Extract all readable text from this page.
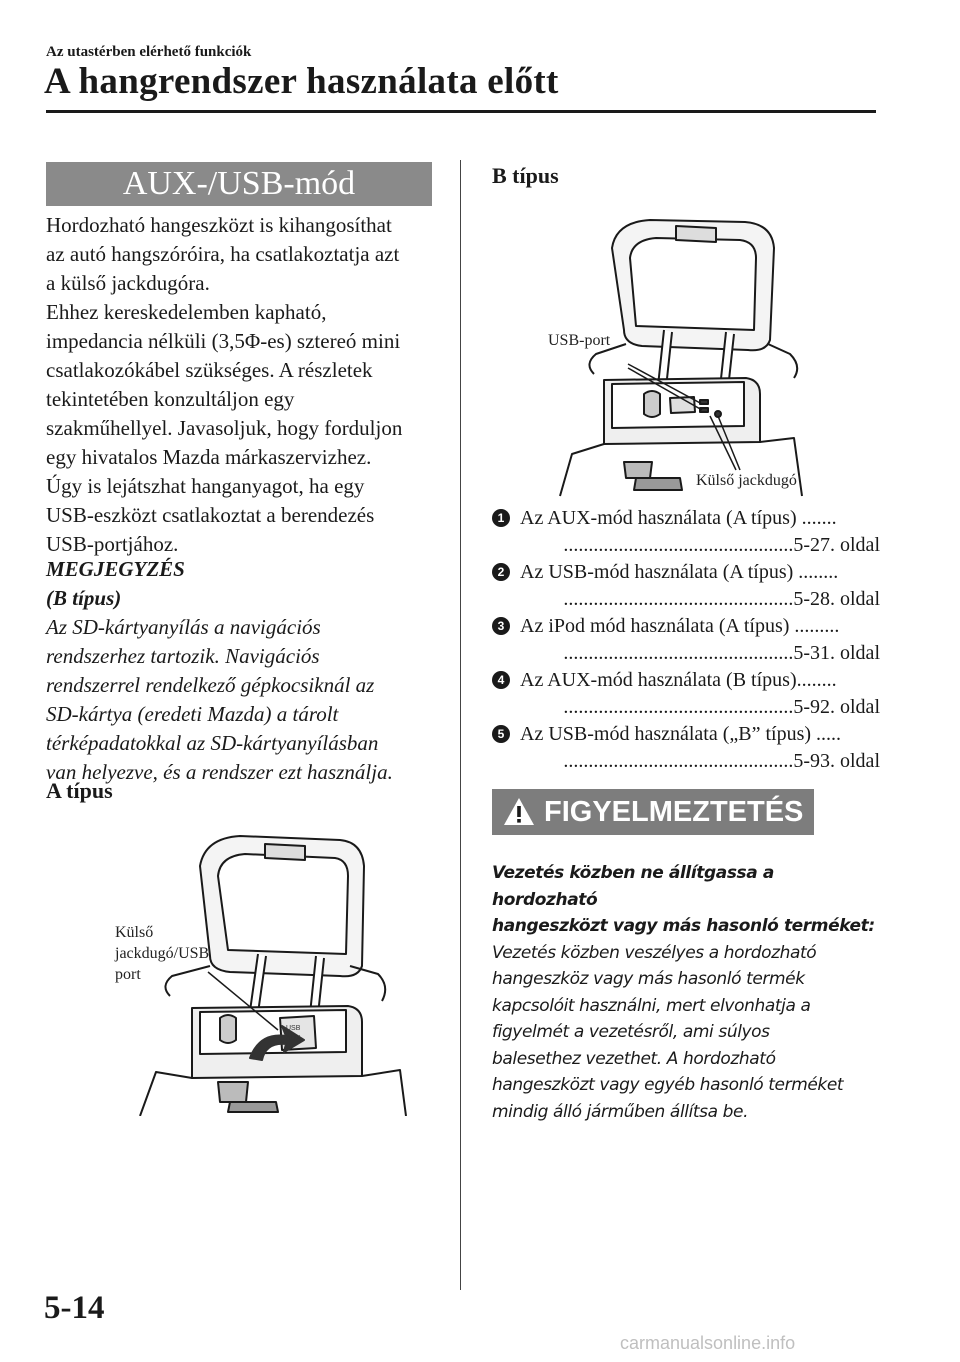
Az utastérben elérhető funkciók
A hangrendszer használata előtt
AUX-/USB-mód
Hordozható hangeszközt is kihangosíthat
az autó hangszóróira, ha csatlakoztatja azt
a külső jackdugóra.
Ehhez kereskedelemben kapható,
impedancia nélküli (3,5Φ-es) sztereó mini
csatlakozókábel szükséges. A részletek
tekintetében konzultáljon egy
szakműhellyel. Javasoljuk, hogy forduljon
egy hivatalos Mazda márkaszervizhez.
Úgy is lejátszhat hanganyagot, ha egy
USB-eszközt csatlakoztat a berendezés
USB-portjához.
MEGJEGYZÉS
(B típus)
Az SD-kártyanyílás a navigációs
rendszerhez tartozik. Navigációs
rendszerrel rendelkező gépkocsiknál az
SD-kártya (eredeti Mazda) a tárolt
térképadatokkal az SD-kártyanyílásban
van helyezve, és a rendszer ezt használja.
A típus
USB
AUX
Külső
jackdugó/USB
port
B típus
USB-port
Külső jackdugó
1 Az AUX-mód használata (A típus) .......
..............................................5-27. oldal
2 Az USB-mód használata (A típus) ........
..............................................5-28. oldal
3 Az iPod mód használata (A típus) .........
..............................................5-31. oldal
4 Az AUX-mód használata (B típus)........
..............................................5-92. oldal
5 Az USB-mód használata („B” típus) .....
..............................................5-93. oldal
FIGYELMEZTETÉS
Vezetés közben ne állítgassa a hordozható
hangeszközt vagy más hasonló terméket:
Vezetés közben veszélyes a hordozható
hangeszköz vagy más hasonló termék
kapcsolóit használni, mert elvonhatja a
figyelmét a vezetésről, ami súlyos
balesethez vezethet. A hordozható
hangeszközt vagy egyéb hasonló terméket
mindig álló járműben állítsa be.
5-14
carmanualsonline.info
